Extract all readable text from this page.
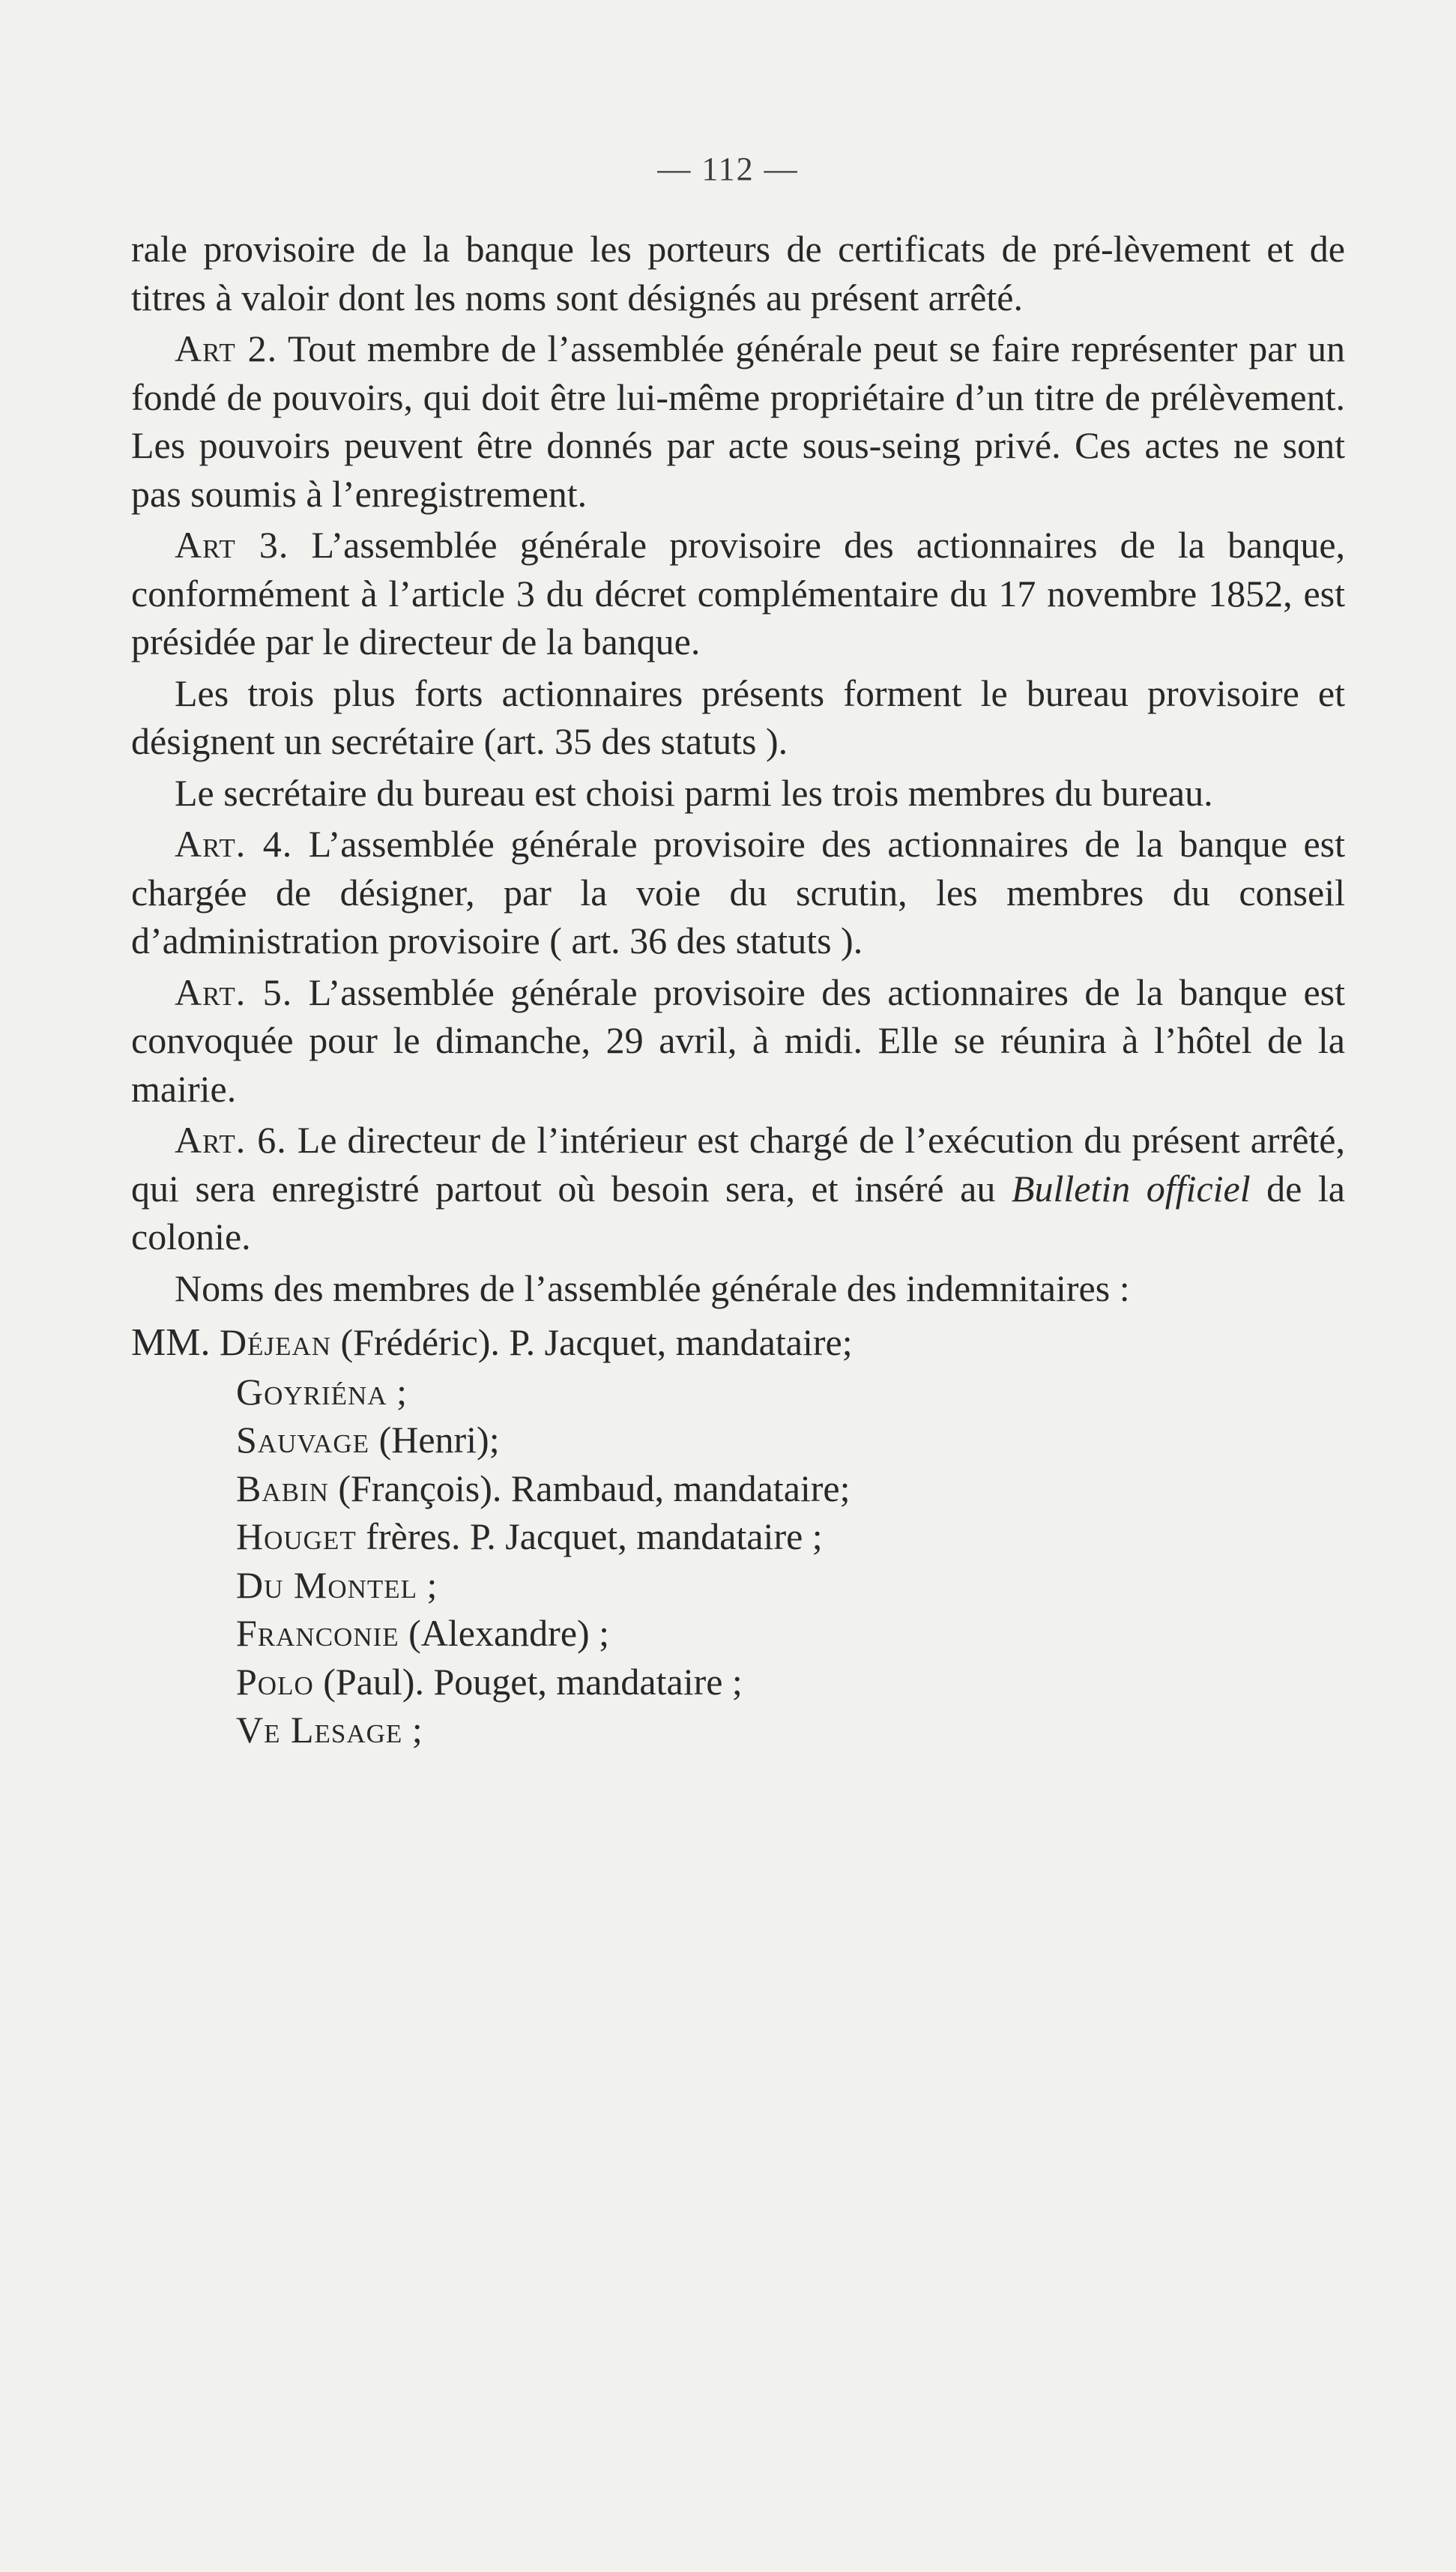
— 112 —

rale provisoire de la banque les porteurs de certificats de pré-lèvement et de titres à valoir dont les noms sont désignés au présent arrêté.

Art 2. Tout membre de l’assemblée générale peut se faire représenter par un fondé de pouvoirs, qui doit être lui-même propriétaire d’un titre de prélèvement. Les pouvoirs peuvent être donnés par acte sous-seing privé. Ces actes ne sont pas soumis à l’enregistrement.

Art 3. L’assemblée générale provisoire des actionnaires de la banque, conformément à l’article 3 du décret complémentaire du 17 novembre 1852, est présidée par le directeur de la banque.

Les trois plus forts actionnaires présents forment le bureau provisoire et désignent un secrétaire (art. 35 des statuts ).

Le secrétaire du bureau est choisi parmi les trois membres du bureau.

Art. 4. L’assemblée générale provisoire des actionnaires de la banque est chargée de désigner, par la voie du scrutin, les membres du conseil d’administration provisoire ( art. 36 des statuts ).

Art. 5. L’assemblée générale provisoire des actionnaires de la banque est convoquée pour le dimanche, 29 avril, à midi. Elle se réunira à l’hôtel de la mairie.

Art. 6. Le directeur de l’intérieur est chargé de l’exécution du présent arrêté, qui sera enregistré partout où besoin sera, et inséré au Bulletin officiel de la colonie.

Noms des membres de l’assemblée générale des indemnitaires :

MM. Déjean (Frédéric). P. Jacquet, mandataire;
Goyriéna ;
Sauvage (Henri);
Babin (François). Rambaud, mandataire;
Houget frères. P. Jacquet, mandataire ;
Du Montel ;
Franconie (Alexandre) ;
Polo (Paul). Pouget, mandataire ;
Ve Lesage ;
